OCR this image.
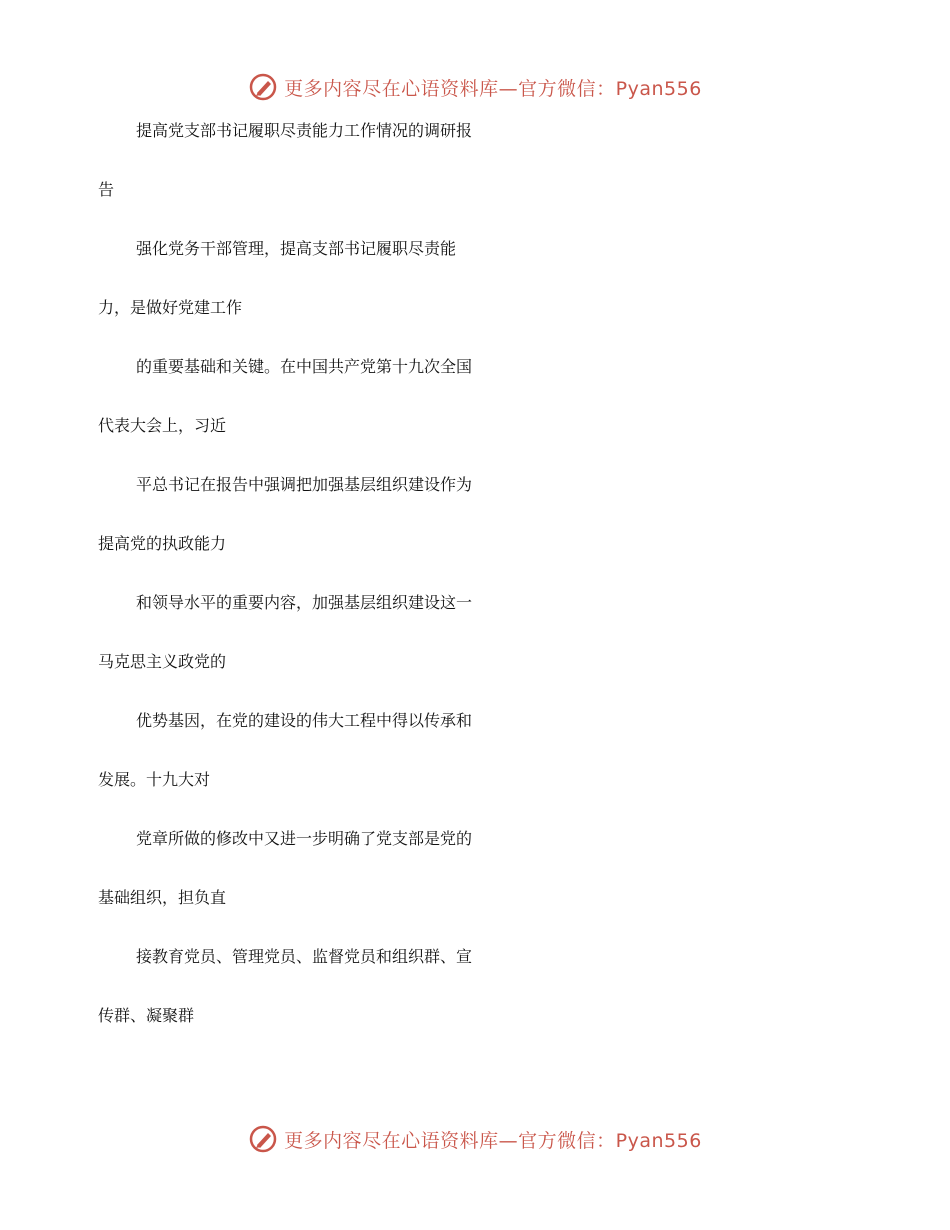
更多内容尽在心语资料库—官方微信：Pyan556
提高党支部书记履职尽责能力工作情况的调研报
告
强化党务干部管理，提高支部书记履职尽责能
力，是做好党建工作
的重要基础和关键。在中国共产党第十九次全国
代表大会上，习近
平总书记在报告中强调把加强基层组织建设作为
提高党的执政能力
和领导水平的重要内容，加强基层组织建设这一
马克思主义政党的
优势基因，在党的建设的伟大工程中得以传承和
发展。十九大对
党章所做的修改中又进一步明确了党支部是党的
基础组织，担负直
接教育党员、管理党员、监督党员和组织群、宣
传群、凝聚群
更多内容尽在心语资料库—官方微信：Pyan556
